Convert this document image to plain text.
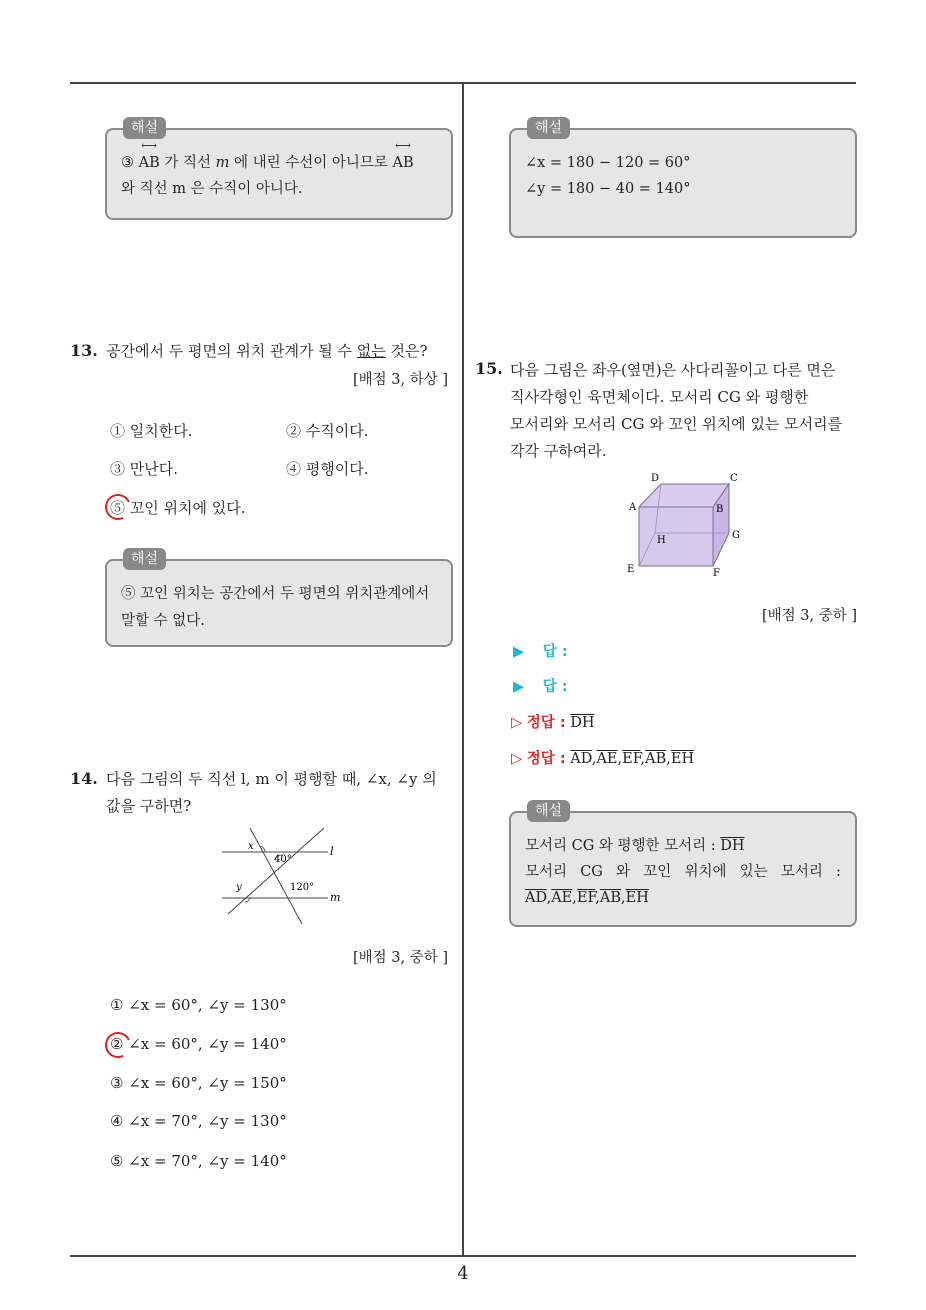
4
해설
③
⟷
AB 가 직선 m 에 내린 수선이 아니므로
⟷
AB
와 직선 m 은 수직이 아니다.
해설
∠x = 180 − 120 = 60°
∠y = 180 − 40 = 140°
13. 공간에서 두 평면의 위치 관계가 될 수 없는 것은?
[배점 3, 하상 ]
① 일치한다.	② 수직이다.
③ 만난다.	④ 평행이다.
⑤ 꼬인 위치에 있다.
해설
⑤ 꼬인 위치는 공간에서 두 평면의 위치관계에서 말할 수 없다.
14. 다음 그림의 두 직선 l, m 이 평행할 때, ∠x, ∠y 의
값을 구하면?
x
40°
y	120°
l
m
[배점 3, 중하 ]
① ∠x = 60°, ∠y = 130°
② ∠x = 60°, ∠y = 140°
③ ∠x = 60°, ∠y = 150°
④ ∠x = 70°, ∠y = 130°
⑤ ∠x = 70°, ∠y = 140°
15. 다음 그림은 좌우(옆면)은 사다리꼴이고 다른 면은
직사각형인 육면체이다. 모서리 CG 와 평행한
모서리와 모서리 CG 와 꼬인 위치에 있는 모서리를
각각 구하여라.
D	C
A	B
H	G
E	F
[배점 3, 중하 ]
▶ 답 :
▶ 답 :
▷ 정답 : $\overline{DH}$
▷ 정답 : $\overline{AD},\overline{AE},\overline{EF},\overline{AB},\overline{EH}$
해설
모서리 CG 와 평행한 모서리 : $\overline{DH}$
모서리 CG 와 꼬인 위치에 있는 모서리 :
$\overline{AD},\overline{AE},\overline{EF},\overline{AB},\overline{EH}$
